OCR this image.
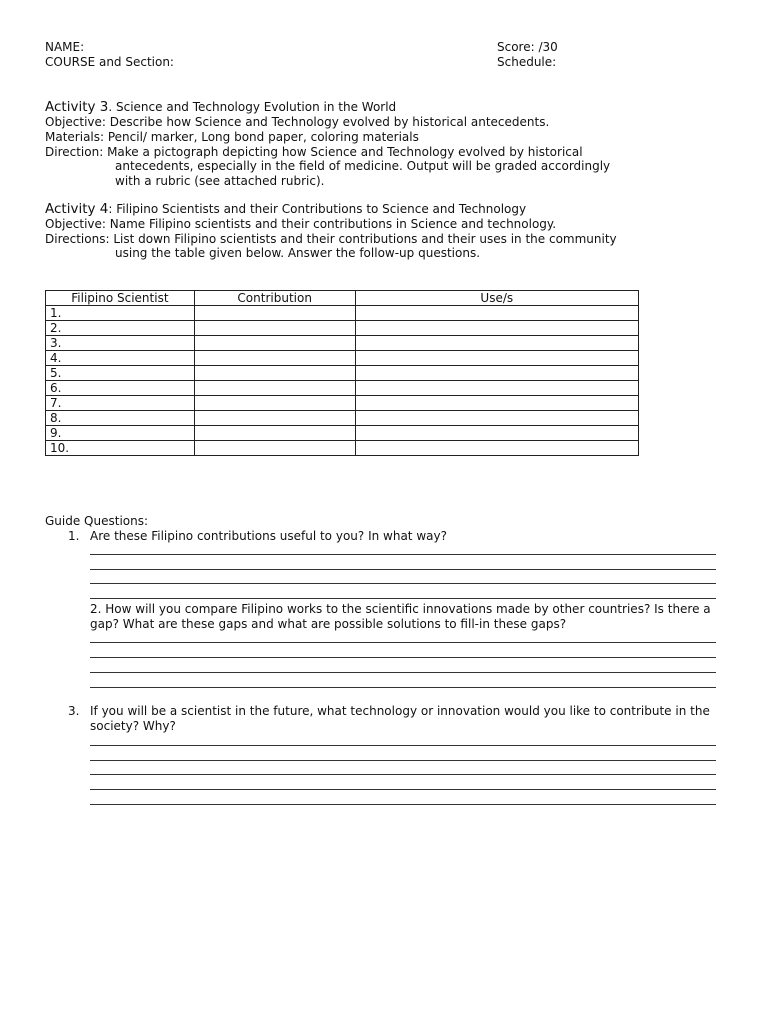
NAME:
COURSE and Section:
Score: /30
Schedule:
Activity 3. Science and Technology Evolution in the World
Objective: Describe how Science and Technology evolved by historical antecedents.
Materials: Pencil/ marker, Long bond paper, coloring materials
Direction: Make a pictograph depicting how Science and Technology evolved by historical
antecedents, especially in the field of medicine. Output will be graded accordingly
with a rubric (see attached rubric).
Activity 4: Filipino Scientists and their Contributions to Science and Technology
Objective: Name Filipino scientists and their contributions in Science and technology.
Directions: List down Filipino scientists and their contributions and their uses in the community
using the table given below. Answer the follow-up questions.
Filipino Scientist	Contribution	Use/s
1.		
2.		
3.		
4.		
5.		
6.		
7.		
8.		
9.		
10.		
Guide Questions:
1. Are these Filipino contributions useful to you? In what way?
2. How will you compare Filipino works to the scientific innovations made by other countries? Is there a gap? What are these gaps and what are possible solutions to fill-in these gaps?
3. If you will be a scientist in the future, what technology or innovation would you like to contribute in the society? Why?
